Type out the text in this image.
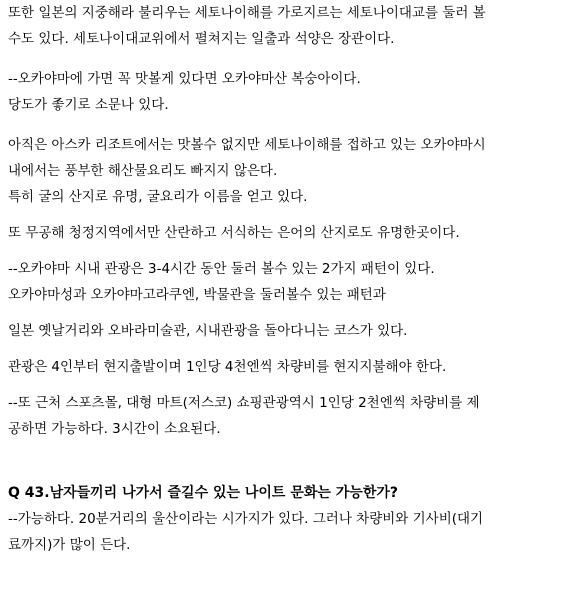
또한 일본의 지중해라 불리우는 세토나이해를 가로지르는 세토나이대교를 둘러 볼
수도 있다. 세토나이대교위에서 펼쳐지는 일출과 석양은 장관이다.
--오카야마에 가면 꼭 맛볼게 있다면 오카야마산 복숭아이다.
당도가 좋기로 소문나 있다.
아직은 아스카 리조트에서는 맛볼수 없지만 세토나이해를 접하고 있는 오카야마시
내에서는 풍부한 해산물요리도 빠지지 않은다.
특히 굴의 산지로 유명, 굴요리가 이름을 얻고 있다.
또 무공해 청정지역에서만 산란하고 서식하는 은어의 산지로도 유명한곳이다.
--오카야마 시내 관광은 3-4시간 동안 둘러 볼수 있는 2가지 패턴이 있다.
오카야마성과 오카야마고라쿠엔, 박물관을 둘러볼수 있는 패턴과
일본 옛날거리와 오바라미술관, 시내관광을 돌아다니는 코스가 있다.
관광은 4인부터 현지출발이며 1인당 4천엔씩 차량비를 현지지불해야 한다.
--또 근처 스포츠몰, 대형 마트(저스코) 쇼핑관광역시 1인당 2천엔씩 차량비를 제
공하면 가능하다. 3시간이 소요된다.
Q 43.남자들끼리 나가서 즐길수 있는 나이트 문화는 가능한가?
--가능하다. 20분거리의 울산이라는 시가지가 있다. 그러나 차량비와 기사비(대기
료까지)가 많이 든다.
